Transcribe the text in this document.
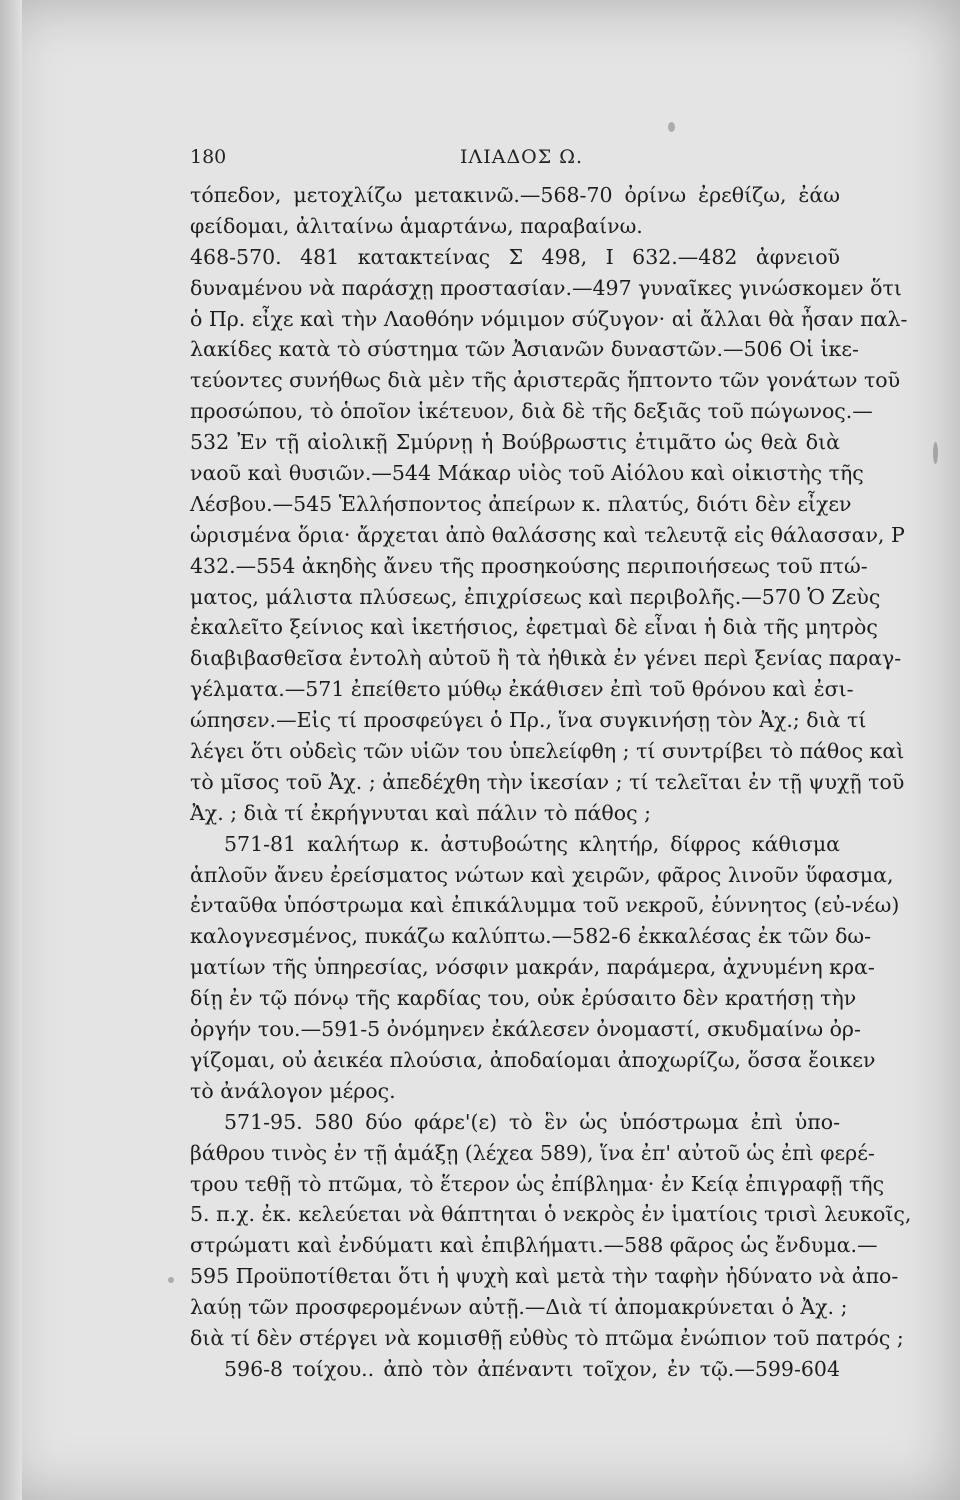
180	ΙΛΙΑΔΟΣ Ω.
τόπεδον, μετοχλίζω μετακινῶ.—568-70 ὀρίνω ἐρεθίζω, ἐάω
φείδομαι, ἀλιταίνω ἁμαρτάνω, παραβαίνω.
468-570. 481 κατακτείνας Σ 498, Ι 632.—482 ἀφνειοῦ
δυναμένου νὰ παράσχῃ προστασίαν.—497 γυναῖκες γινώσκομεν ὅτι
ὁ Πρ. εἶχε καὶ τὴν Λαοθόην νόμιμον σύζυγον· αἱ ἄλλαι θὰ ἦσαν παλ-
λακίδες κατὰ τὸ σύστημα τῶν Ἀσιανῶν δυναστῶν.—506 Οἱ ἱκε-
τεύοντες συνήθως διὰ μὲν τῆς ἀριστερᾶς ἥπτοντο τῶν γονάτων τοῦ
προσώπου, τὸ ὁποῖον ἱκέτευον, διὰ δὲ τῆς δεξιᾶς τοῦ πώγωνος.—
532 Ἐν τῇ αἰολικῇ Σμύρνῃ ἡ Βούβρωστις ἐτιμᾶτο ὡς θεὰ διὰ
ναοῦ καὶ θυσιῶν.—544 Μάκαρ υἱὸς τοῦ Αἰόλου καὶ οἰκιστὴς τῆς
Λέσβου.—545 Ἑλλήσποντος ἀπείρων κ. πλατύς, διότι δὲν εἶχεν
ὡρισμένα ὅρια· ἄρχεται ἀπὸ θαλάσσης καὶ τελευτᾷ εἰς θάλασσαν, Ρ
432.—554 ἀκηδὴς ἄνευ τῆς προσηκούσης περιποιήσεως τοῦ πτώ-
ματος, μάλιστα πλύσεως, ἐπιχρίσεως καὶ περιβολῆς.—570 Ὁ Ζεὺς
ἐκαλεῖτο ξείνιος καὶ ἱκετήσιος, ἐφετμαὶ δὲ εἶναι ἡ διὰ τῆς μητρὸς
διαβιβασθεῖσα ἐντολὴ αὐτοῦ ἢ τὰ ἠθικὰ ἐν γένει περὶ ξενίας παραγ-
γέλματα.—571 ἐπείθετο μύθῳ ἐκάθισεν ἐπὶ τοῦ θρόνου καὶ ἐσι-
ώπησεν.—Εἰς τί προσφεύγει ὁ Πρ., ἵνα συγκινήσῃ τὸν Ἀχ.; διὰ τί
λέγει ὅτι οὐδεὶς τῶν υἱῶν του ὑπελείφθη ; τί συντρίβει τὸ πάθος καὶ
τὸ μῖσος τοῦ Ἀχ. ; ἀπεδέχθη τὴν ἱκεσίαν ; τί τελεῖται ἐν τῇ ψυχῇ τοῦ
Ἀχ. ; διὰ τί ἐκρήγνυται καὶ πάλιν τὸ πάθος ;
571-81 καλήτωρ κ. ἀστυβοώτης κλητήρ, δίφρος κάθισμα
ἁπλοῦν ἄνευ ἐρείσματος νώτων καὶ χειρῶν, φᾶρος λινοῦν ὕφασμα,
ἐνταῦθα ὑπόστρωμα καὶ ἐπικάλυμμα τοῦ νεκροῦ, ἐύννητος (εὐ-νέω)
καλογνεσμένος, πυκάζω καλύπτω.—582-6 ἐκκαλέσας ἐκ τῶν δω-
ματίων τῆς ὑπηρεσίας, νόσφιν μακράν, παράμερα, ἀχνυμένη κρα-
δίῃ ἐν τῷ πόνῳ τῆς καρδίας του, οὐκ ἐρύσαιτο δὲν κρατήσῃ τὴν
ὀργήν του.—591-5 ὀνόμηνεν ἐκάλεσεν ὀνομαστί, σκυδμαίνω ὀρ-
γίζομαι, οὐ ἀεικέα πλούσια, ἀποδαίομαι ἀποχωρίζω, ὅσσα ἔοικεν
τὸ ἀνάλογον μέρος.
571-95. 580 δύο φάρε'(ε) τὸ ἓν ὡς ὑπόστρωμα ἐπὶ ὑπο-
βάθρου τινὸς ἐν τῇ ἁμάξῃ (λέχεα 589), ἵνα ἐπ' αὐτοῦ ὡς ἐπὶ φερέ-
τρου τεθῇ τὸ πτῶμα, τὸ ἕτερον ὡς ἐπίβλημα· ἐν Κείᾳ ἐπιγραφῇ τῆς
5. π.χ. ἐκ. κελεύεται νὰ θάπτηται ὁ νεκρὸς ἐν ἱματίοις τρισὶ λευκοῖς,
στρώματι καὶ ἐνδύματι καὶ ἐπιβλήματι.—588 φᾶρος ὡς ἔνδυμα.—
595 Προϋποτίθεται ὅτι ἡ ψυχὴ καὶ μετὰ τὴν ταφὴν ἠδύνατο νὰ ἀπο-
λαύῃ τῶν προσφερομένων αὐτῇ.—Διὰ τί ἀπομακρύνεται ὁ Ἀχ. ;
διὰ τί δὲν στέργει νὰ κομισθῇ εὐθὺς τὸ πτῶμα ἐνώπιον τοῦ πατρός ;
596-8 τοίχου.. ἀπὸ τὸν ἀπέναντι τοῖχον, ἐν τῷ.—599-604
